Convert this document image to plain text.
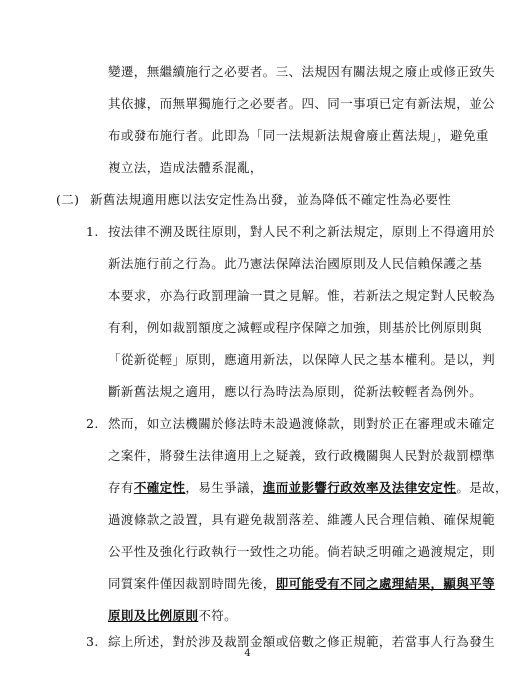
變遷，無繼續施行之必要者。三、法規因有關法規之廢止或修正致失
其依據，而無單獨施行之必要者。四、同一事項已定有新法規，並公
布或發布施行者。此即為「同一法規新法規會廢止舊法規」，避免重
複立法，造成法體系混亂，
(二) 新舊法規適用應以法安定性為出發，並為降低不確定性為必要性
1. 按法律不溯及既往原則，對人民不利之新法規定，原則上不得適用於
新法施行前之行為。此乃憲法保障法治國原則及人民信賴保護之基
本要求，亦為行政罰理論一貫之見解。惟，若新法之規定對人民較為
有利，例如裁罰額度之減輕或程序保障之加強，則基於比例原則與
「從新從輕」原則，應適用新法，以保障人民之基本權利。是以，判
斷新舊法規之適用，應以行為時法為原則，從新法較輕者為例外。
2. 然而，如立法機關於修法時未設過渡條款，則對於正在審理或未確定
之案件，將發生法律適用上之疑義，致行政機關與人民對於裁罰標準
存有不確定性，易生爭議，進而並影響行政效率及法律安定性。是故，
過渡條款之設置，具有避免裁罰落差、維護人民合理信賴、確保規範
公平性及強化行政執行一致性之功能。倘若缺乏明確之過渡規定，則
同質案件僅因裁罰時間先後，即可能受有不同之處理結果，顯與平等
原則及比例原則不符。
3. 綜上所述，對於涉及裁罰金額或倍數之修正規範，若當事人行為發生
4
